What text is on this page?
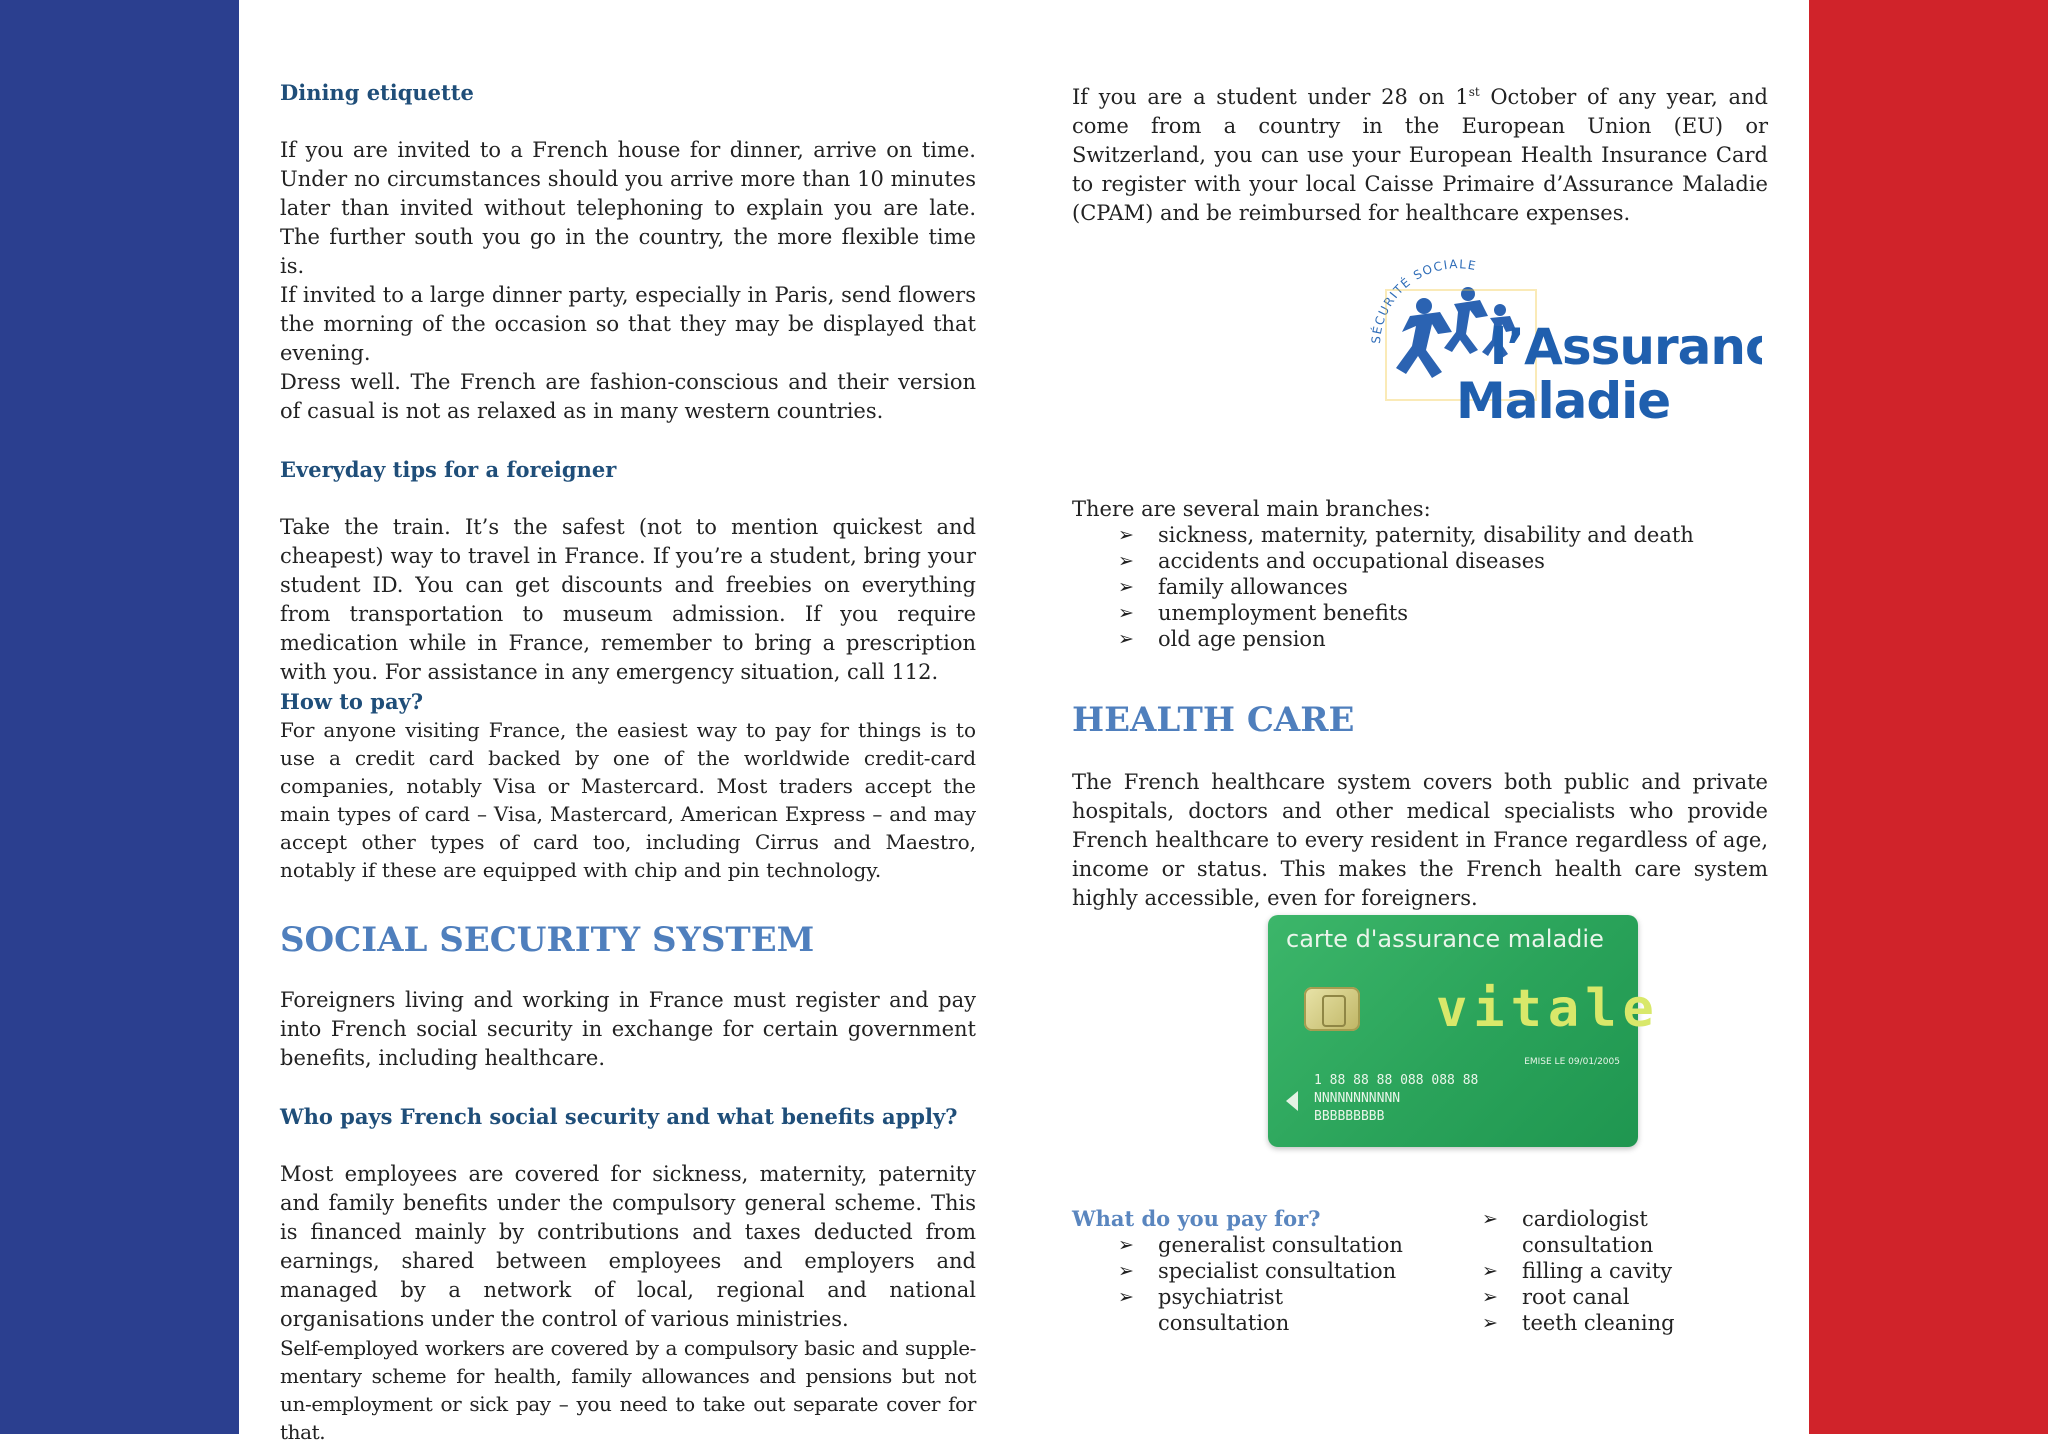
Dining etiquette

If you are invited to a French house for dinner, arrive on time. Under no circumstances should you arrive more than 10 minutes later than invited without telephoning to explain you are late. The further south you go in the country, the more flexible time is.

If invited to a large dinner party, especially in Paris, send flowers the morning of the occasion so that they may be displayed that evening.

Dress well. The French are fashion-conscious and their version of casual is not as relaxed as in many western countries.

Everyday tips for a foreigner

Take the train. It’s the safest (not to mention quickest and cheapest) way to travel in France. If you’re a student, bring your student ID. You can get discounts and freebies on everything from transportation to museum admission. If you require medication while in France, remember to bring a prescription with you. For assistance in any emergency situation, call 112.

How to pay?

For anyone visiting France, the easiest way to pay for things is to use a credit card backed by one of the worldwide credit-card companies, notably Visa or Mastercard. Most traders accept the main types of card – Visa, Mastercard, American Express – and may accept other types of card too, including Cirrus and Maestro, notably if these are equipped with chip and pin technology.

SOCIAL SECURITY SYSTEM

Foreigners living and working in France must register and pay into French social security in exchange for certain government benefits, including healthcare.

Who pays French social security and what benefits apply?

Most employees are covered for sickness, maternity, paternity and family benefits under the compulsory general scheme. This is financed mainly by contributions and taxes deducted from earnings, shared between employees and employers and managed by a network of local, regional and national organisations under the control of various ministries.

Self-employed workers are covered by a compulsory basic and supple-mentary scheme for health, family allowances and pensions but not un-employment or sick pay – you need to take out separate cover for that.

If you are a student under 28 on 1st October of any year, and come from a country in the European Union (EU) or Switzerland, you can use your European Health Insurance Card to register with your local Caisse Primaire d’Assurance Maladie (CPAM) and be reimbursed for healthcare expenses.

SÉCURITÉ SOCIALE
l’Assuranc
Maladie

There are several main branches:

➢ sickness, maternity, paternity, disability and death
➢ accidents and occupational diseases
➢ family allowances
➢ unemployment benefits
➢ old age pension
HEALTH CARE

The French healthcare system covers both public and private hospitals, doctors and other medical specialists who provide French healthcare to every resident in France regardless of age, income or status. This makes the French health care system highly accessible, even for foreigners.

carte d'assurance maladie
vitale
EMISE LE 09/01/2005
1 88 88 88 088 088 88
NNNNNNNNNNN
BBBBBBBBB
What do you pay for?
➢ generalist consultation
➢ specialist consultation
➢ psychiatrist consultation
➢ cardiologist consultation
➢ filling a cavity
➢ root canal
➢ teeth cleaning
